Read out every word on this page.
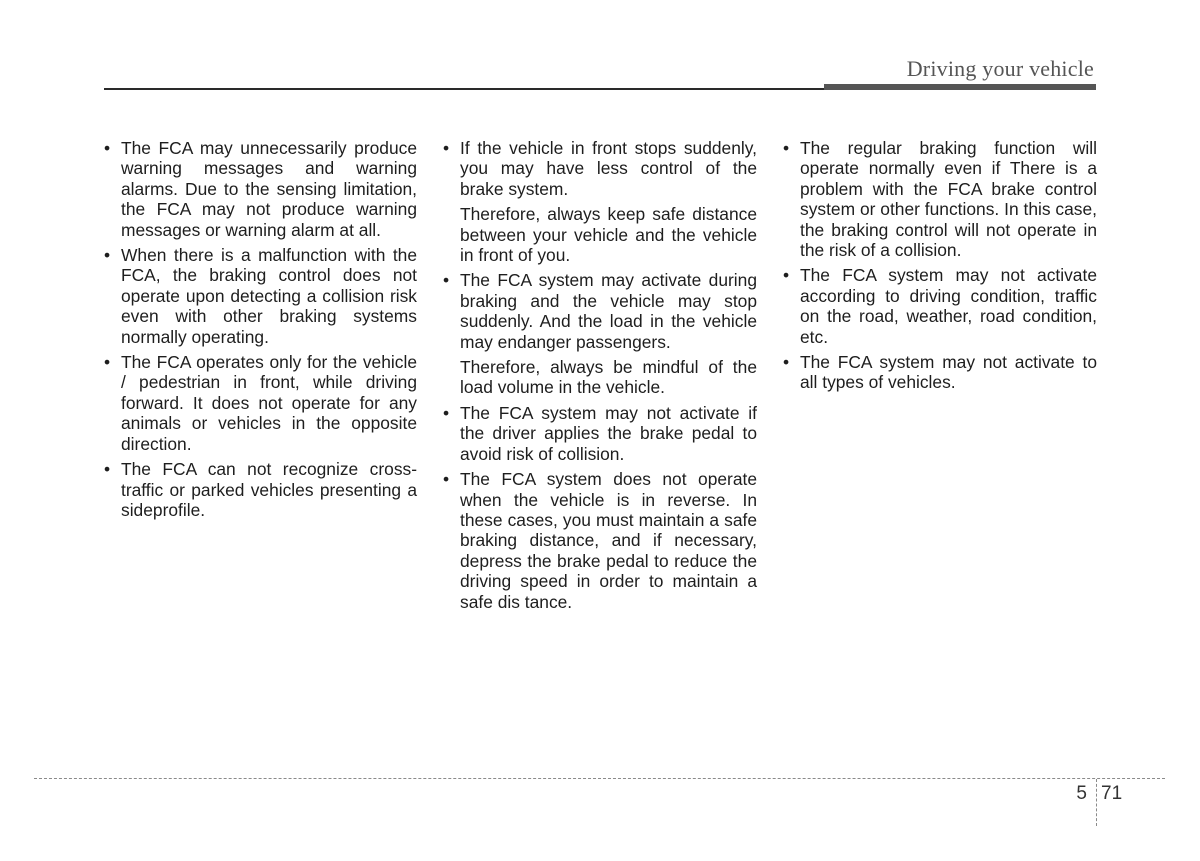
Driving your vehicle
• The FCA may unnecessarily produce warning messages and warning alarms. Due to the sensing limitation, the FCA may not produce warning messages or warning alarm at all.
• When there is a malfunction with the FCA, the braking control does not operate upon detecting a collision risk even with other braking systems normally operating.
• The FCA operates only for the vehicle / pedestrian in front, while driving forward. It does not operate for any animals or vehicles in the opposite direction.
• The FCA can not recognize cross-traffic or parked vehicles presenting a sideprofile.
• If the vehicle in front stops suddenly, you may have less control of the brake system.
Therefore, always keep safe distance between your vehicle and the vehicle in front of you.
• The FCA system may activate during braking and the vehicle may stop suddenly. And the load in the vehicle may endanger passengers.
Therefore, always be mindful of the load volume in the vehicle.
• The FCA system may not activate if the driver applies the brake pedal to avoid risk of collision.
• The FCA system does not operate when the vehicle is in reverse. In these cases, you must maintain a safe braking distance, and if necessary, depress the brake pedal to reduce the driving speed in order to maintain a safe dis tance.
• The regular braking function will operate normally even if There is a problem with the FCA brake control system or other functions. In this case, the braking control will not operate in the risk of a collision.
• The FCA system may not activate according to driving condition, traffic on the road, weather, road condition, etc.
• The FCA system may not activate to all types of vehicles.
5 71
